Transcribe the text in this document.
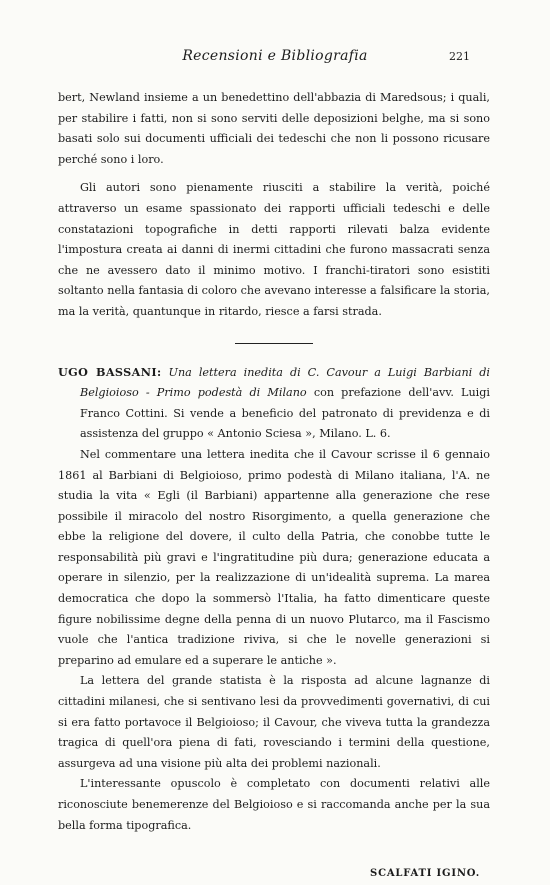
Recensioni e Bibliografia	221

bert, Newland insieme a un benedettino dell'abbazia di Maredsous; i quali, per stabilire i fatti, non si sono serviti delle deposizioni belghe, ma si sono basati solo sui documenti ufficiali dei tedeschi che non li possono ricusare perché sono i loro.

Gli autori sono pienamente riusciti a stabilire la verità, poiché attraverso un esame spassionato dei rapporti ufficiali tedeschi e delle constatazioni topografiche in detti rapporti rilevati balza evidente l'impostura creata ai danni di inermi cittadini che furono massacrati senza che ne avessero dato il minimo motivo. I franchi-tiratori sono esistiti soltanto nella fantasia di coloro che avevano interesse a falsificare la storia, ma la verità, quantunque in ritardo, riesce a farsi strada.

UGO BASSANI: Una lettera inedita di C. Cavour a Luigi Barbiani di Belgioioso - Primo podestà di Milano con prefazione dell'avv. Luigi Franco Cottini. Si vende a beneficio del patronato di previdenza e di assistenza del gruppo « Antonio Sciesa », Milano. L. 6.

Nel commentare una lettera inedita che il Cavour scrisse il 6 gennaio 1861 al Barbiani di Belgioioso, primo podestà di Milano italiana, l'A. ne studia la vita « Egli (il Barbiani) appartenne alla generazione che rese possibile il miracolo del nostro Risorgimento, a quella generazione che ebbe la religione del dovere, il culto della Patria, che conobbe tutte le responsabilità più gravi e l'ingratitudine più dura; generazione educata a operare in silenzio, per la realizzazione di un'idealità suprema. La marea democratica che dopo la sommersò l'Italia, ha fatto dimenticare queste figure nobilissime degne della penna di un nuovo Plutarco, ma il Fascismo vuole che l'antica tradizione riviva, si che le novelle generazioni si preparino ad emulare ed a superare le antiche ».

La lettera del grande statista è la risposta ad alcune lagnanze di cittadini milanesi, che si sentivano lesi da provvedimenti governativi, di cui si era fatto portavoce il Belgioioso; il Cavour, che viveva tutta la grandezza tragica di quell'ora piena di fati, rovesciando i termini della questione, assurgeva ad una visione più alta dei problemi nazionali.

L'interessante opuscolo è completato con documenti relativi alle riconosciute benemerenze del Belgioioso e si raccomanda anche per la sua bella forma tipografica.

SCALFATI IGINO.
